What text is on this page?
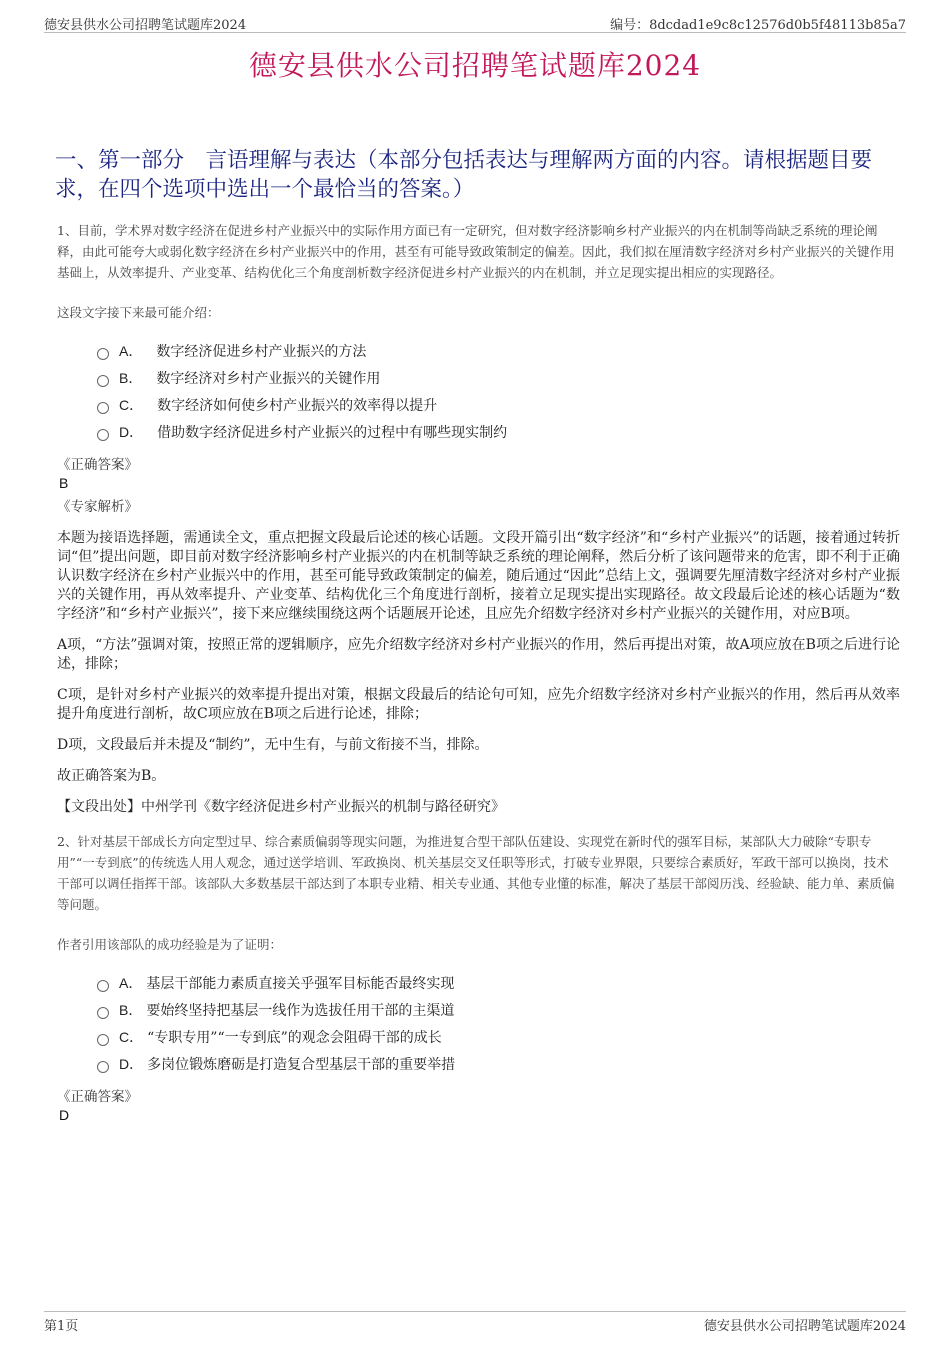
德安县供水公司招聘笔试题库2024	编号：8dcdad1e9c8c12576d0b5f48113b85a7
德安县供水公司招聘笔试题库2024
一、第一部分　言语理解与表达（本部分包括表达与理解两方面的内容。请根据题目要求，在四个选项中选出一个最恰当的答案。）

1、目前，学术界对数字经济在促进乡村产业振兴中的实际作用方面已有一定研究，但对数字经济影响乡村产业振兴的内在机制等尚缺乏系统的理论阐释，由此可能夸大或弱化数字经济在乡村产业振兴中的作用，甚至有可能导致政策制定的偏差。因此，我们拟在厘清数字经济对乡村产业振兴的关键作用基础上，从效率提升、产业变革、结构优化三个角度剖析数字经济促进乡村产业振兴的内在机制，并立足现实提出相应的实现路径。

这段文字接下来最可能介绍：

A． 数字经济促进乡村产业振兴的方法
B． 数字经济对乡村产业振兴的关键作用
C． 数字经济如何使乡村产业振兴的效率得以提升
D． 借助数字经济促进乡村产业振兴的过程中有哪些现实制约
《正确答案》
B
《专家解析》

本题为接语选择题，需通读全文，重点把握文段最后论述的核心话题。文段开篇引出“数字经济”和“乡村产业振兴”的话题，接着通过转折词“但”提出问题，即目前对数字经济影响乡村产业振兴的内在机制等缺乏系统的理论阐释，然后分析了该问题带来的危害，即不利于正确认识数字经济在乡村产业振兴中的作用，甚至可能导致政策制定的偏差，随后通过“因此”总结上文，强调要先厘清数字经济对乡村产业振兴的关键作用，再从效率提升、产业变革、结构优化三个角度进行剖析，接着立足现实提出实现路径。故文段最后论述的核心话题为“数字经济”和“乡村产业振兴”，接下来应继续围绕这两个话题展开论述，且应先介绍数字经济对乡村产业振兴的关键作用，对应B项。

A项，“方法”强调对策，按照正常的逻辑顺序，应先介绍数字经济对乡村产业振兴的作用，然后再提出对策，故A项应放在B项之后进行论述，排除；

C项，是针对乡村产业振兴的效率提升提出对策，根据文段最后的结论句可知，应先介绍数字经济对乡村产业振兴的作用，然后再从效率提升角度进行剖析，故C项应放在B项之后进行论述，排除；

D项，文段最后并未提及“制约”，无中生有，与前文衔接不当，排除。

故正确答案为B。

【文段出处】中州学刊《数字经济促进乡村产业振兴的机制与路径研究》

2、针对基层干部成长方向定型过早、综合素质偏弱等现实问题，为推进复合型干部队伍建设、实现党在新时代的强军目标，某部队大力破除“专职专用”“一专到底”的传统选人用人观念，通过送学培训、军政换岗、机关基层交叉任职等形式，打破专业界限，只要综合素质好，军政干部可以换岗，技术干部可以调任指挥干部。该部队大多数基层干部达到了本职专业精、相关专业通、其他专业懂的标准，解决了基层干部阅历浅、经验缺、能力单、素质偏等问题。

作者引用该部队的成功经验是为了证明：

A． 基层干部能力素质直接关乎强军目标能否最终实现
B． 要始终坚持把基层一线作为选拔任用干部的主渠道
C． “专职专用”“一专到底”的观念会阻碍干部的成长
D． 多岗位锻炼磨砺是打造复合型基层干部的重要举措
《正确答案》
D
第1页	德安县供水公司招聘笔试题库2024
